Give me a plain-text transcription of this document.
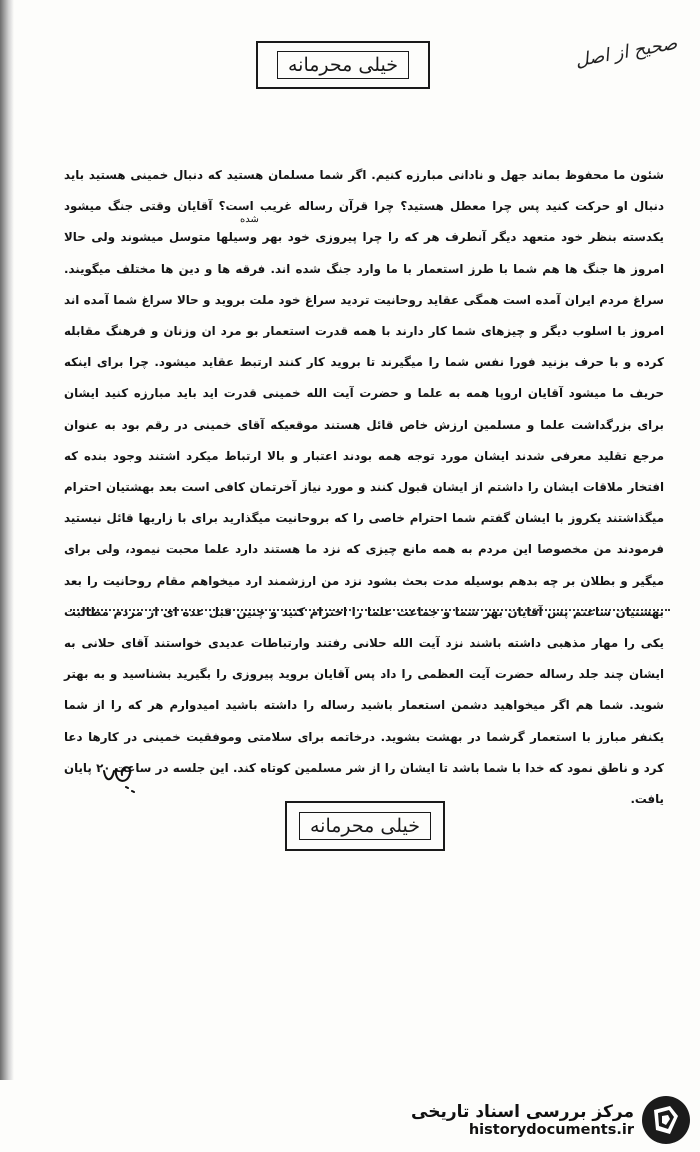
خیلی محرمانه	صحیح از اصل
شده

شئون ما محفوظ بماند جهل و نادانی مبارزه کنیم. اگر شما مسلمان هستید که دنبال خمینی هستید باید دنبال او حرکت کنید پس چرا معطل هستید؟ چرا قرآن رساله غریب است؟ آقایان وقتی جنگ میشود یکدسته بنظر خود متعهد دیگر آنطرف هر که را چرا پیروزی خود بهر وسیلها متوسل میشوند ولی حالا امروز ها جنگ ها هم شما با طرز استعمار با ما وارد جنگ شده اند. فرقه ها و دین ها مختلف میگویند. سراغ مردم ایران آمده است همگی عقاید روحانیت ترديد سراغ خود ملت بروید و حالا سراغ شما آمده اند امروز با اسلوب دیگر و چیزهای شما کار دارند با همه قدرت استعمار بو مرد ان وزنان و فرهنگ مقابله کرده و با حرف بزنید فورا نفس شما را میگیرند تا بروید کار کنند ارتبط عقاید میشود. چرا برای اینکه حریف ما میشود آقایان اروپا همه به علما و حضرت آیت الله خمینی قدرت اید باید مبارزه کنید ایشان برای بزرگداشت علما و مسلمین ارزش خاص قائل هستند موقعیکه آقای خمینی در رقم بود به عنوان مرجع تقلید معرفی شدند ایشان مورد توجه همه بودند اعتبار و بالا ارتباط میکرد اشتند وجود بنده که افتخار ملاقات ایشان را داشتم از ایشان قبول کنند و مورد نیاز آخرتمان کافی است بعد بهشتیان احترام میگذاشتند یکروز با ایشان گفتم شما احترام خاصی را که بروحانیت میگذارید برای با زاریها قائل نیستید فرمودند من مخصوصا این مردم به همه مانع چیزی که نزد ما هستند دارد علما محبت نیمود، ولی برای میگیر و بطلان بر چه بدهم بوسیله مدت بحث بشود نزد من ارزشمند ارد میخواهم مقام روحانیت را بعد بهشتیان ساعتم پس آقایان بهر شما و جماعت علما را احترام کنید و چنین قبل عده ای از مردم مطالبت یکی را مهار مذهبی داشته باشند نزد آیت الله حلانی رفتند وارتباطات عدیدی خواستند آقای حلانی به ایشان چند جلد رساله حضرت آیت العظمی را داد پس آقایان بروید پیروزی را بگیرید بشناسید و به بهتر شوید. شما هم اگر میخواهید دشمن استعمار باشید رساله را داشته باشید امیدوارم هر که را از شما یکنفر مبارز با استعمار گرشما در بهشت بشوید. درخاتمه برای سلامتی وموفقیت خمینی در کارها دعا کرد و ناطق نمود که خدا با شما باشد تا ایشان را از شر مسلمین کوتاه کند. این جلسه در ساعت ۲۰ پایان یافت.

خیلی محرمانه
مرکز بررسی اسناد تاریخی
historydocuments.ir
